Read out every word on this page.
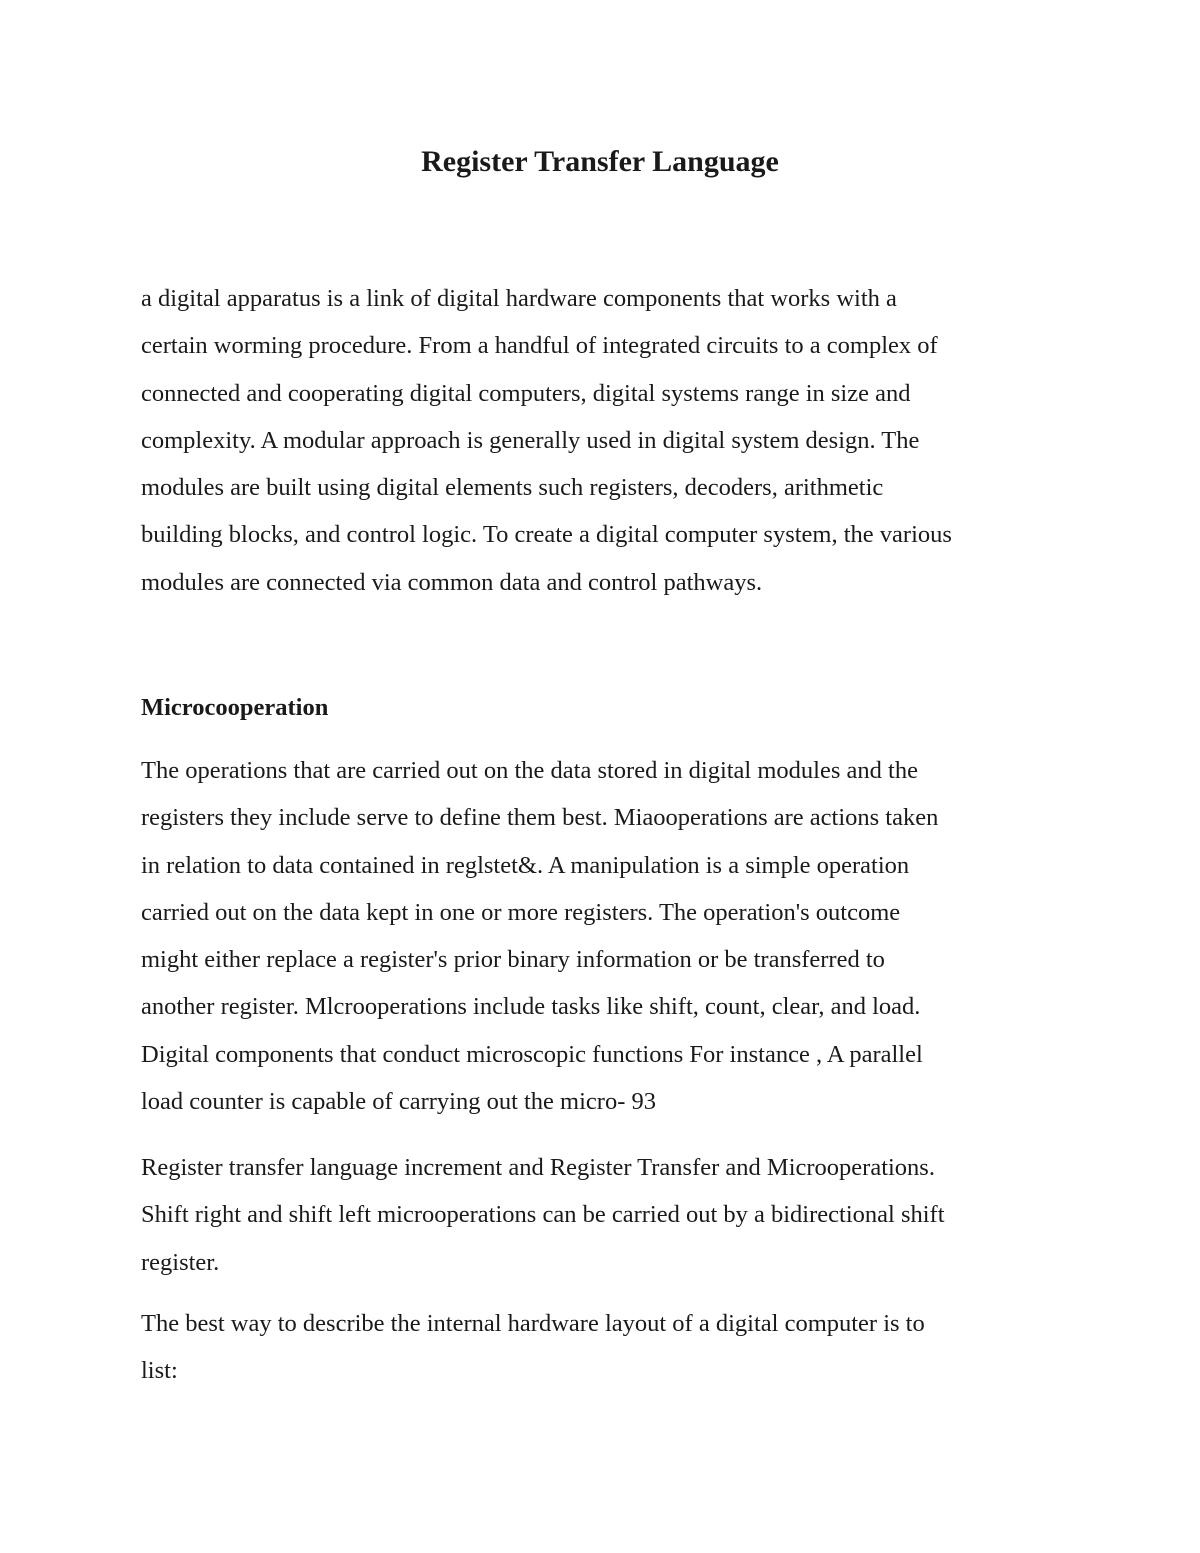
Register Transfer Language

a digital apparatus is a link of digital hardware components that works with a
certain worming procedure. From a handful of integrated circuits to a complex of
connected and cooperating digital computers, digital systems range in size and
complexity. A modular approach is generally used in digital system design. The
modules are built using digital elements such registers, decoders, arithmetic
building blocks, and control logic. To create a digital computer system, the various
modules are connected via common data and control pathways.

Microcooperation

The operations that are carried out on the data stored in digital modules and the
registers they include serve to define them best. Miaooperations are actions taken
in relation to data contained in reglstet&. A manipulation is a simple operation
carried out on the data kept in one or more registers. The operation's outcome
might either replace a register's prior binary information or be transferred to
another register. Mlcrooperations include tasks like shift, count, clear, and load.
Digital components that conduct microscopic functions For instance , A parallel
load counter is capable of carrying out the micro- 93

Register transfer language increment and Register Transfer and Microoperations.
Shift right and shift left microoperations can be carried out by a bidirectional shift
register.

The best way to describe the internal hardware layout of a digital computer is to
list:
